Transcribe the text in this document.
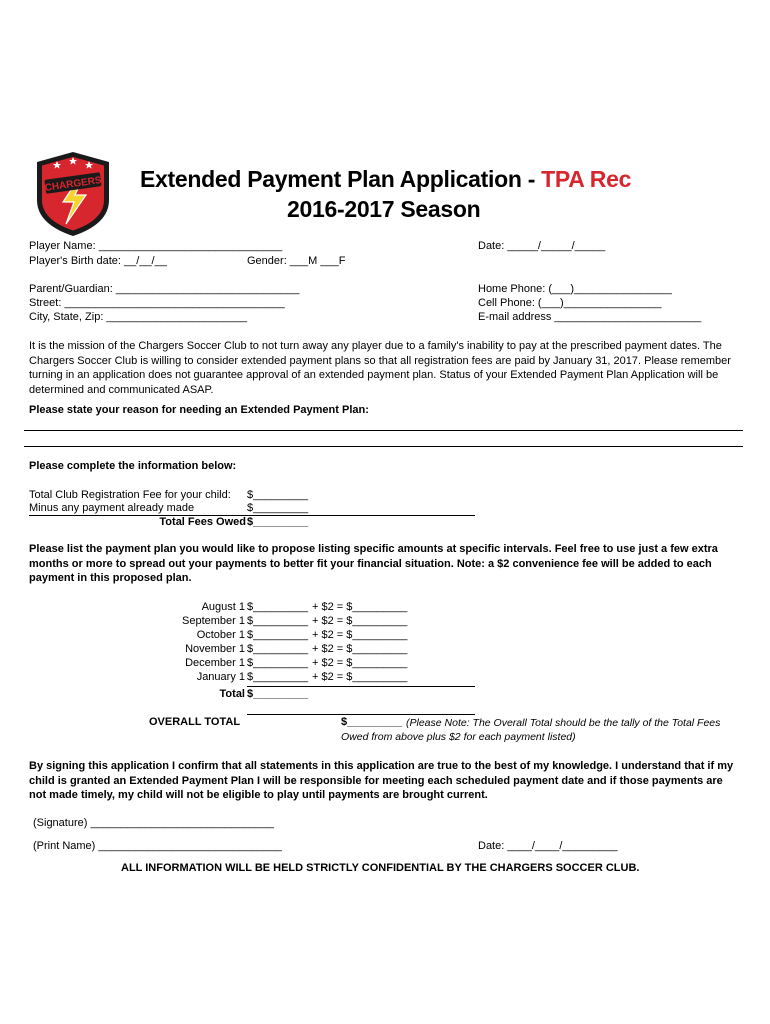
CHARGERS Extended Payment Plan Application - TPA Rec
2016-2017 Season
Player Name: ______________________________
Player's Birth date: __/__/__	Gender: ___M ___F
Date: _____/_____/_____
Parent/Guardian: ______________________________
Street: ____________________________________
City, State, Zip: _______________________
Home Phone: (___)________________
Cell Phone: (___)________________
E-mail address ________________________
It is the mission of the Chargers Soccer Club to not turn away any player due to a family's inability to pay at the prescribed payment dates. The Chargers Soccer Club is willing to consider extended payment plans so that all registration fees are paid by January 31, 2017. Please remember turning in an application does not guarantee approval of an extended payment plan. Status of your Extended Payment Plan Application will be determined and communicated ASAP.
Please state your reason for needing an Extended Payment Plan:
Please complete the information below:
Total Club Registration Fee for your child: $_________
Minus any payment already made	$_________
Total Fees Owed $_________
Please list the payment plan you would like to propose listing specific amounts at specific intervals. Feel free to use just a few extra months or more to spread out your payments to better fit your financial situation. Note: a $2 convenience fee will be added to each payment in this proposed plan.
August 1 $_________ + $2 = $_________
September 1 $_________ + $2 = $_________
October 1 $_________ + $2 = $_________
November 1 $_________ + $2 = $_________
December 1 $_________ + $2 = $_________
January 1 $_________ + $2 = $_________
Total $_________
OVERALL TOTAL	$_________ (Please Note: The Overall Total should be the tally of the Total Fees
Owed from above plus $2 for each payment listed)
By signing this application I confirm that all statements in this application are true to the best of my knowledge. I understand that if my child is granted an Extended Payment Plan I will be responsible for meeting each scheduled payment date and if those payments are not made timely, my child will not be eligible to play until payments are brought current.
(Signature) ______________________________
(Print Name) ______________________________	Date: ____/____/_________
ALL INFORMATION WILL BE HELD STRICTLY CONFIDENTIAL BY THE CHARGERS SOCCER CLUB.
